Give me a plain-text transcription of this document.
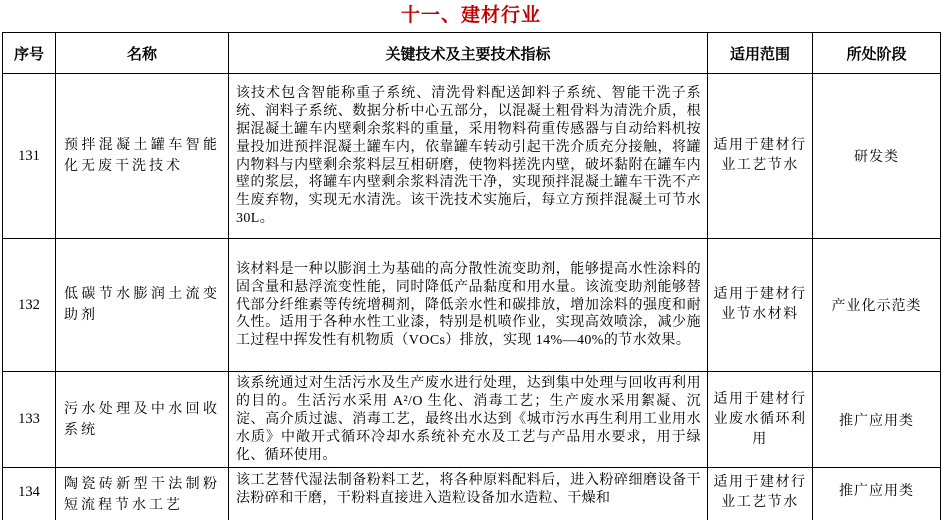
十一、建材行业
序号	名称	关键技术及主要技术指标	适用范围	所处阶段
131	预拌混凝土罐车智能化无废干洗技术	该技术包含智能称重子系统、清洗骨料配送卸料子系统、智能干洗子系统、润料子系统、数据分析中心五部分，以混凝土粗骨料为清洗介质，根据混凝土罐车内壁剩余浆料的重量，采用物料荷重传感器与自动给料机按量投加进预拌混凝土罐车内，依靠罐车转动引起干洗介质充分接触，将罐内物料与内壁剩余浆料层互相研磨，使物料搓洗内壁，破坏黏附在罐车内壁的浆层，将罐车内壁剩余浆料清洗干净，实现预拌混凝土罐车干洗不产生废弃物，实现无水清洗。该干洗技术实施后，每立方预拌混凝土可节水 30L。	适用于建材行业工艺节水	研发类
132	低碳节水膨润土流变助剂	该材料是一种以膨润土为基础的高分散性流变助剂，能够提高水性涂料的固含量和悬浮流变性能，同时降低产品黏度和用水量。该流变助剂能够替代部分纤维素等传统增稠剂，降低亲水性和碳排放，增加涂料的强度和耐久性。适用于各种水性工业漆，特别是机喷作业，实现高效喷涂，减少施工过程中挥发性有机物质（VOCs）排放，实现 14%—40%的节水效果。	适用于建材行业节水材料	产业化示范类
133	污水处理及中水回收系统	该系统通过对生活污水及生产废水进行处理，达到集中处理与回收再利用的目的。生活污水采用 A²/O 生化、消毒工艺；生产废水采用絮凝、沉淀、高介质过滤、消毒工艺，最终出水达到《城市污水再生利用工业用水水质》中敞开式循环冷却水系统补充水及工艺与产品用水要求，用于绿化、循环使用。	适用于建材行业废水循环利用	推广应用类
134	陶瓷砖新型干法制粉短流程节水工艺	该工艺替代湿法制备粉料工艺，将各种原料配料后，进入粉碎细磨设备干法粉碎和干磨，干粉料直接进入造粒设备加水造粒、干燥和	适用于建材行业工艺节水	推广应用类
